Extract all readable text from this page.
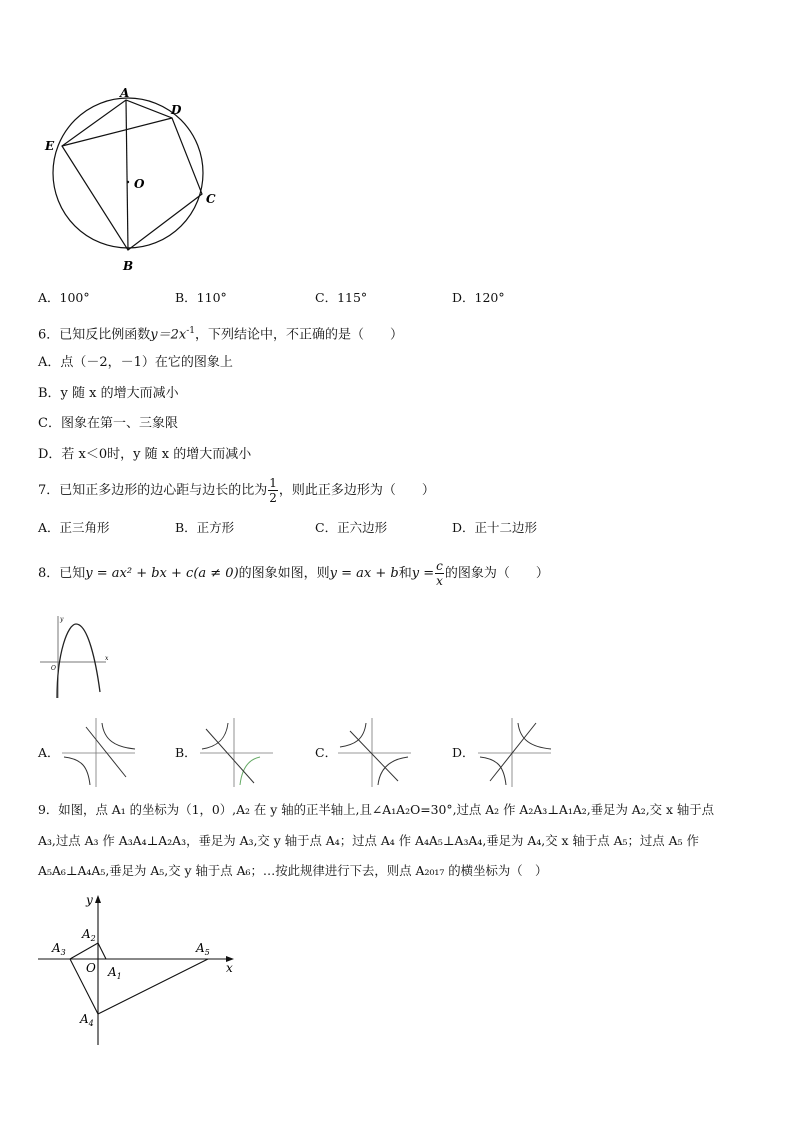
A
D
E
O
C
B
A．100°	B．110°	C．115°	D．120°
6．已知反比例函数$y=2x^{-1}$，下列结论中，不正确的是（　　）
A．点（－2，－1）在它的图象上
B．y 随 x 的增大而减小
C．图象在第一、三象限
D．若 x＜0时，y 随 x 的增大而减小
7．已知正多边形的边心距与边长的比为 $\frac{1}{2}$ ，则此正多边形为（　　）
A．正三角形	B．正方形	C．正六边形	D．正十二边形
8．已知y = ax² + bx + c(a ≠ 0)的图象如图，则y = ax + b和$y = \frac{c}{x}$ 的图象为（　　）
y
x
O
A．	B．	C．	D．
9．如图，点 A₁ 的坐标为（1，0）,A₂ 在 y 轴的正半轴上,且∠A₁A₂O=30°,过点 A₂ 作 A₂A₃⊥A₁A₂,垂足为 A₂,交 x 轴于点
A₃,过点 A₃ 作 A₃A₄⊥A₂A₃，垂足为 A₃,交 y 轴于点 A₄；过点 A₄ 作 A₄A₅⊥A₃A₄,垂足为 A₄,交 x 轴于点 A₅；过点 A₅ 作
A₅A₆⊥A₄A₅,垂足为 A₅,交 y 轴于点 A₆；…按此规律进行下去，则点 A₂₀₁₇ 的横坐标为（　）
y
x
O $A_1$
$A_2$
$A_3$
$A_4$
$A_5$
